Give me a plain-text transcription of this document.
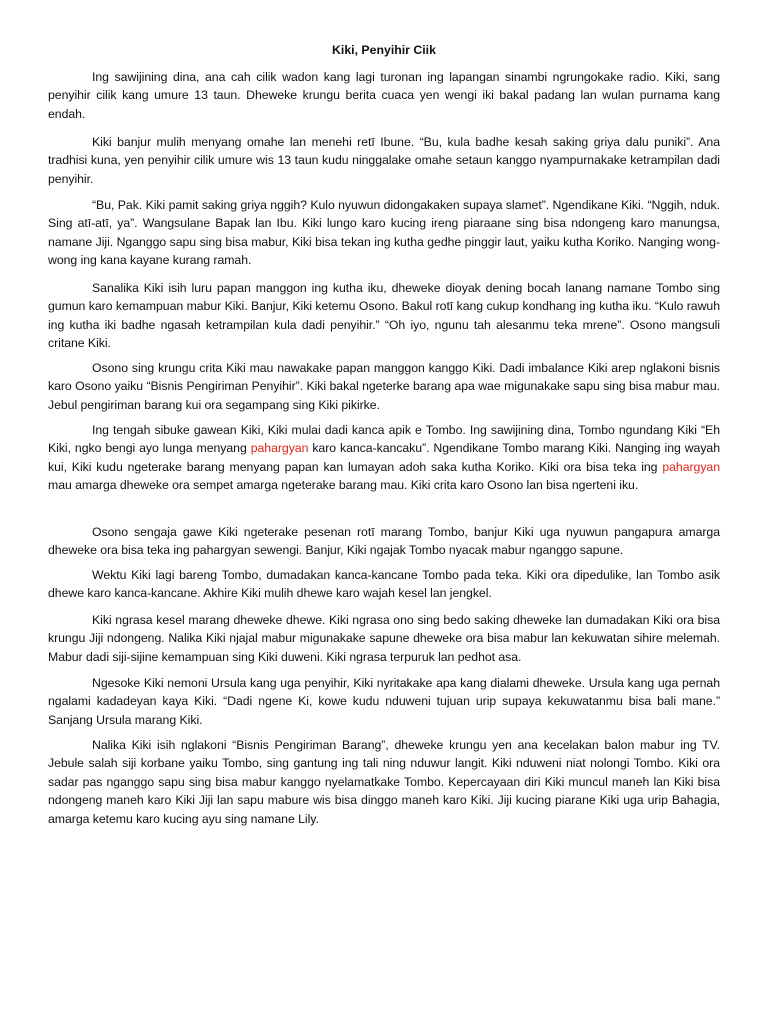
Kiki, Penyihir Ciik

Ing sawijining dina, ana cah cilik wadon kang lagi turonan ing lapangan sinambi ngrungokake radio. Kiki, sang penyihir cilik kang umure 13 taun. Dheweke krungu berita cuaca yen wengi iki bakal padang lan wulan purnama kang endah.

Kiki banjur mulih menyang omahe lan menehi retī Ibune. “Bu, kula badhe kesah saking griya dalu puniki”. Ana tradhisi kuna, yen penyihir cilik umure wis 13 taun kudu ninggalake omahe setaun kanggo nyampurnakake ketrampilan dadi penyihir.

“Bu, Pak. Kiki pamit saking griya nggih? Kulo nyuwun didongakaken supaya slamet”. Ngendikane Kiki. “Nggih, nduk. Sing atī-atī, ya”. Wangsulane Bapak lan Ibu. Kiki lungo karo kucing ireng piaraane sing bisa ndongeng karo manungsa, namane Jiji. Nganggo sapu sing bisa mabur, Kiki bisa tekan ing kutha gedhe pinggir laut, yaiku kutha Koriko. Nanging wong-wong ing kana kayane kurang ramah.

Sanalika Kiki isih luru papan manggon ing kutha iku, dheweke dioyak dening bocah lanang namane Tombo sing gumun karo kemampuan mabur Kiki. Banjur, Kiki ketemu Osono. Bakul rotī kang cukup kondhang ing kutha iku. “Kulo rawuh ing kutha iki badhe ngasah ketrampilan kula dadi penyihir.” “Oh iyo, ngunu tah alesanmu teka mrene”. Osono mangsuli critane Kiki.

Osono sing krungu crita Kiki mau nawakake papan manggon kanggo Kiki. Dadi imbalance Kiki arep nglakoni bisnis karo Osono yaiku “Bisnis Pengiriman Penyihir”. Kiki bakal ngeterke barang apa wae migunakake sapu sing bisa mabur mau. Jebul pengiriman barang kui ora segampang sing Kiki pikirke.

Ing tengah sibuke gawean Kiki, Kiki mulai dadi kanca apik e Tombo. Ing sawijining dina, Tombo ngundang Kiki “Eh Kiki, ngko bengi ayo lunga menyang pahargyan karo kanca-kancaku”. Ngendikane Tombo marang Kiki. Nanging ing wayah kui, Kiki kudu ngeterake barang menyang papan kan lumayan adoh saka kutha Koriko. Kiki ora bisa teka ing pahargyan mau amarga dheweke ora sempet amarga ngeterake barang mau. Kiki crita karo Osono lan bisa ngerteni iku.

Osono sengaja gawe Kiki ngeterake pesenan rotī marang Tombo, banjur Kiki uga nyuwun pangapura amarga dheweke ora bisa teka ing pahargyan sewengi. Banjur, Kiki ngajak Tombo nyacak mabur nganggo sapune.

Wektu Kiki lagi bareng Tombo, dumadakan kanca-kancane Tombo pada teka. Kiki ora dipedulike, lan Tombo asik dhewe karo kanca-kancane. Akhire Kiki mulih dhewe karo wajah kesel lan jengkel.

Kiki ngrasa kesel marang dheweke dhewe. Kiki ngrasa ono sing bedo saking dheweke lan dumadakan Kiki ora bisa krungu Jiji ndongeng. Nalika Kiki njajal mabur migunakake sapune dheweke ora bisa mabur lan kekuwatan sihire melemah. Mabur dadi siji-sijine kemampuan sing Kiki duweni. Kiki ngrasa terpuruk lan pedhot asa.

Ngesoke Kiki nemoni Ursula kang uga penyihir, Kiki nyritakake apa kang dialami dheweke. Ursula kang uga pernah ngalami kadadeyan kaya Kiki. “Dadi ngene Ki, kowe kudu nduweni tujuan urip supaya kekuwatanmu bisa bali mane.” Sanjang Ursula marang Kiki.

Nalika Kiki isih nglakoni “Bisnis Pengiriman Barang”, dheweke krungu yen ana kecelakan balon mabur ing TV. Jebule salah siji korbane yaiku Tombo, sing gantung ing tali ning nduwur langit. Kiki nduweni niat nolongi Tombo. Kiki ora sadar pas nganggo sapu sing bisa mabur kanggo nyelamatkake Tombo. Kepercayaan diri Kiki muncul maneh lan Kiki bisa ndongeng maneh karo Kiki Jiji lan sapu mabure wis bisa dinggo maneh karo Kiki. Jiji kucing piarane Kiki uga urip Bahagia, amarga ketemu karo kucing ayu sing namane Lily.
